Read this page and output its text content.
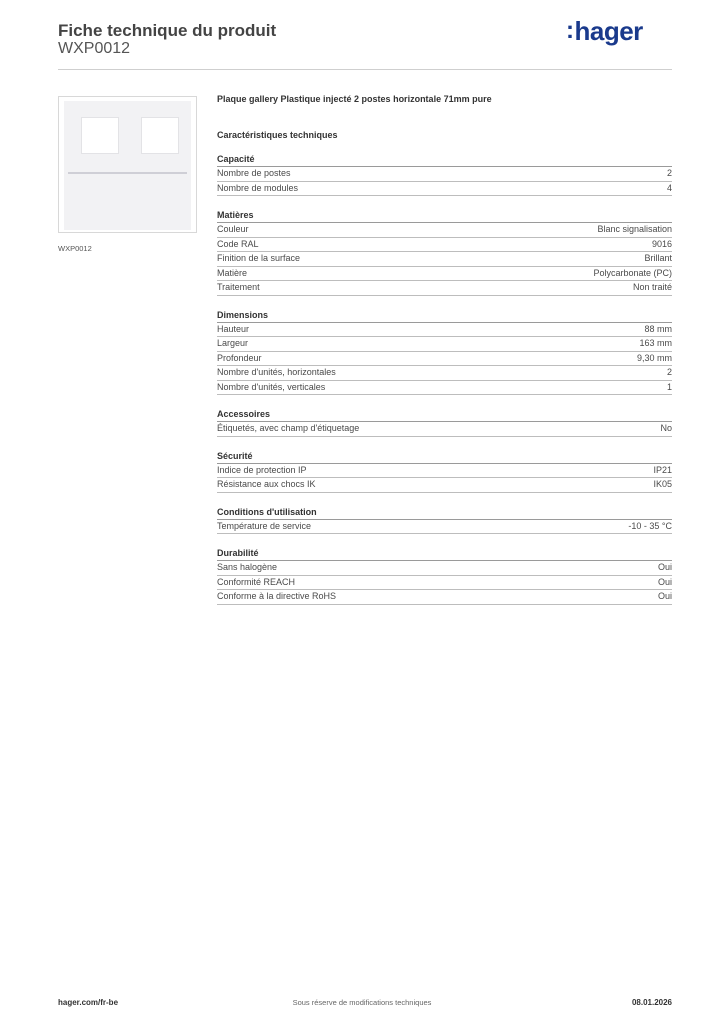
Fiche technique du produit
WXP0012
:hager
WXP0012
Plaque gallery Plastique injecté 2 postes horizontale 71mm pure
Caractéristiques techniques
Capacité
Nombre de postes	2
Nombre de modules	4
Matières
Couleur	Blanc signalisation
Code RAL	9016
Finition de la surface	Brillant
Matière	Polycarbonate (PC)
Traitement	Non traité
Dimensions
Hauteur	88 mm
Largeur	163 mm
Profondeur	9,30 mm
Nombre d'unités, horizontales	2
Nombre d'unités, verticales	1
Accessoires
Étiquetés, avec champ d'étiquetage	No
Sécurité
Indice de protection IP	IP21
Résistance aux chocs IK	IK05
Conditions d'utilisation
Température de service	-10 - 35 °C
Durabilité
Sans halogène	Oui
Conformité REACH	Oui
Conforme à la directive RoHS	Oui
hager.com/fr-be	Sous réserve de modifications techniques	08.01.2026
